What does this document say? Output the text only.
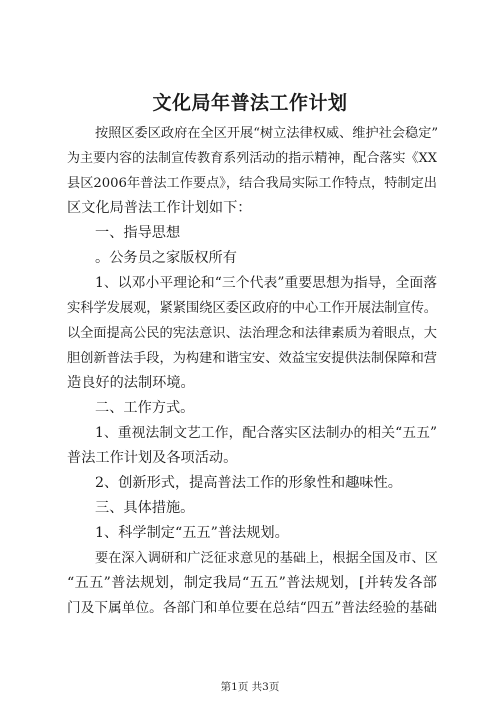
文化局年普法工作计划
按照区委区政府在全区开展“树立法律权威、维护社会稳定”
为主要内容的法制宣传教育系列活动的指示精神，配合落实《XX
县区2006年普法工作要点》，结合我局实际工作特点，特制定出
区文化局普法工作计划如下：
一、指导思想
。公务员之家版权所有
1、以邓小平理论和“三个代表”重要思想为指导，全面落
实科学发展观，紧紧围绕区委区政府的中心工作开展法制宣传。
以全面提高公民的宪法意识、法治理念和法律素质为着眼点，大
胆创新普法手段，为构建和谐宝安、效益宝安提供法制保障和营
造良好的法制环境。
二、工作方式。
1、重视法制文艺工作，配合落实区法制办的相关“五五”
普法工作计划及各项活动。
2、创新形式，提高普法工作的形象性和趣味性。
三、具体措施。
1、科学制定“五五”普法规划。
要在深入调研和广泛征求意见的基础上，根据全国及市、区
“五五”普法规划，制定我局“五五”普法规划，[并转发各部
门及下属单位。各部门和单位要在总结“四五”普法经验的基础
第1页 共3页
